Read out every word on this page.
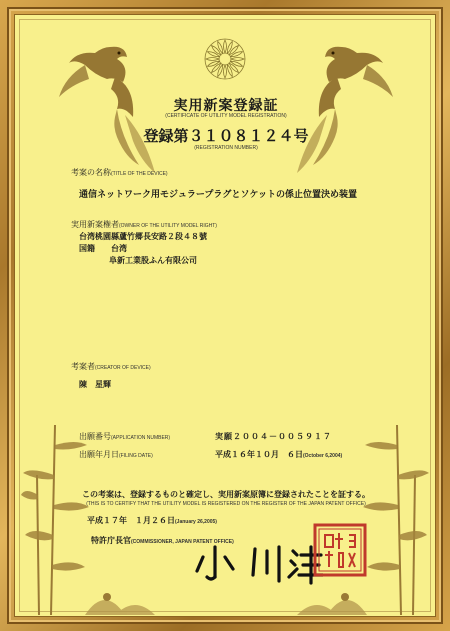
実用新案登録証
(CERTIFICATE OF UTILITY MODEL REGISTRATION)
登録第３１０８１２４号
(REGISTRATION NUMBER)
考案の名称(TITLE OF THE DEVICE)
通信ネットワーク用モジュラープラグとソケットの係止位置決め装置
実用新案権者(OWNER OF THE UTILITY MODEL RIGHT)
台湾桃園縣蘆竹郷長安路２段４８號
国籍　　 台湾
阜新工業股ふん有限公司
考案者(CREATOR OF DEVICE)
陳　星輝
出願番号(APPLICATION NUMBER)	実願２００４－００５９１７
出願年月日(FILING DATE)	平成１６年１０月　６日(October 6,2004)
この考案は、登録するものと確定し、実用新案原簿に登録されたことを証する。
(THIS IS TO CERTIFY THAT THE UTILITY MODEL IS REGISTERED ON THE REGISTER OF THE JAPAN PATENT OFFICE)
平成１７年　１月２６日(January 26,2005)
特許庁長官(COMMISSIONER, JAPAN PATENT OFFICE)
